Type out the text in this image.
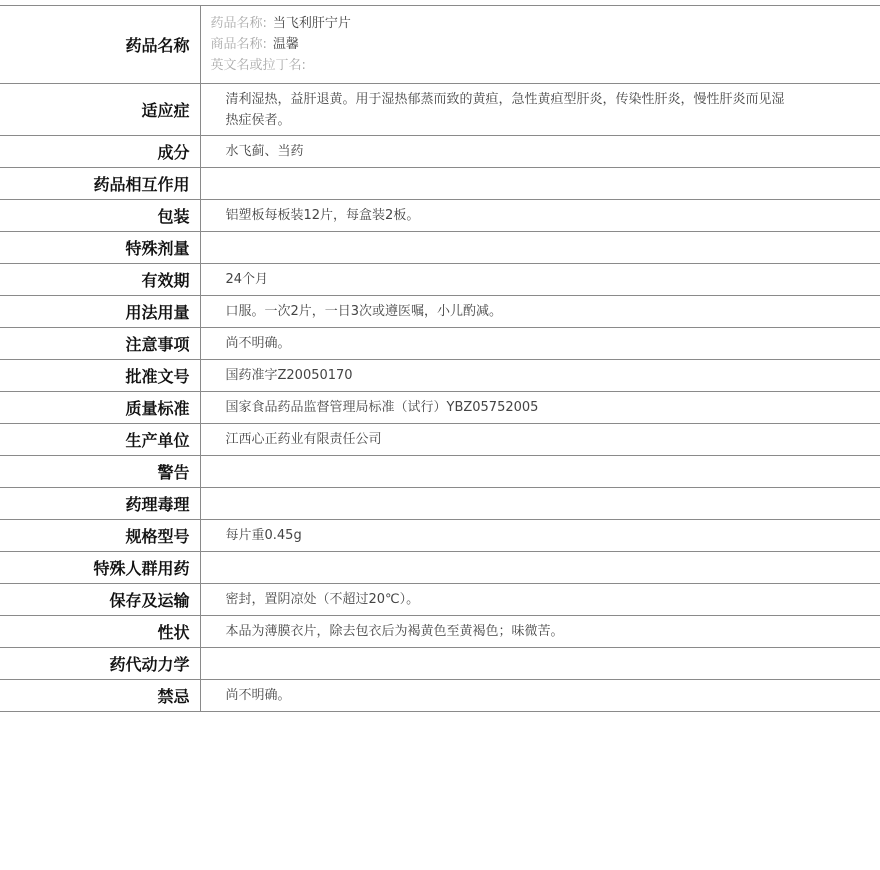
药品名称	药品名称: 当飞利肝宁片
商品名称: 温馨
英文名或拉丁名:

适应症	清利湿热，益肝退黄。用于湿热郁蒸而致的黄疸，急性黄疸型肝炎，传染性肝炎，慢性肝炎而见湿热症侯者。

成分	水飞蓟、当药
药品相互作用	
包装	铝塑板每板装12片，每盒装2板。
特殊剂量	
有效期	24个月
用法用量	口服。一次2片，一日3次或遵医嘱，小儿酌减。
注意事项	尚不明确。
批准文号	国药准字Z20050170
质量标准	国家食品药品监督管理局标准（试行）YBZ05752005
生产单位	江西心正药业有限责任公司
警告	
药理毒理	
规格型号	每片重0.45g
特殊人群用药	
保存及运输	密封，置阴凉处（不超过20℃）。
性状	本品为薄膜衣片，除去包衣后为褐黄色至黄褐色；味微苦。
药代动力学	
禁忌	尚不明确。
